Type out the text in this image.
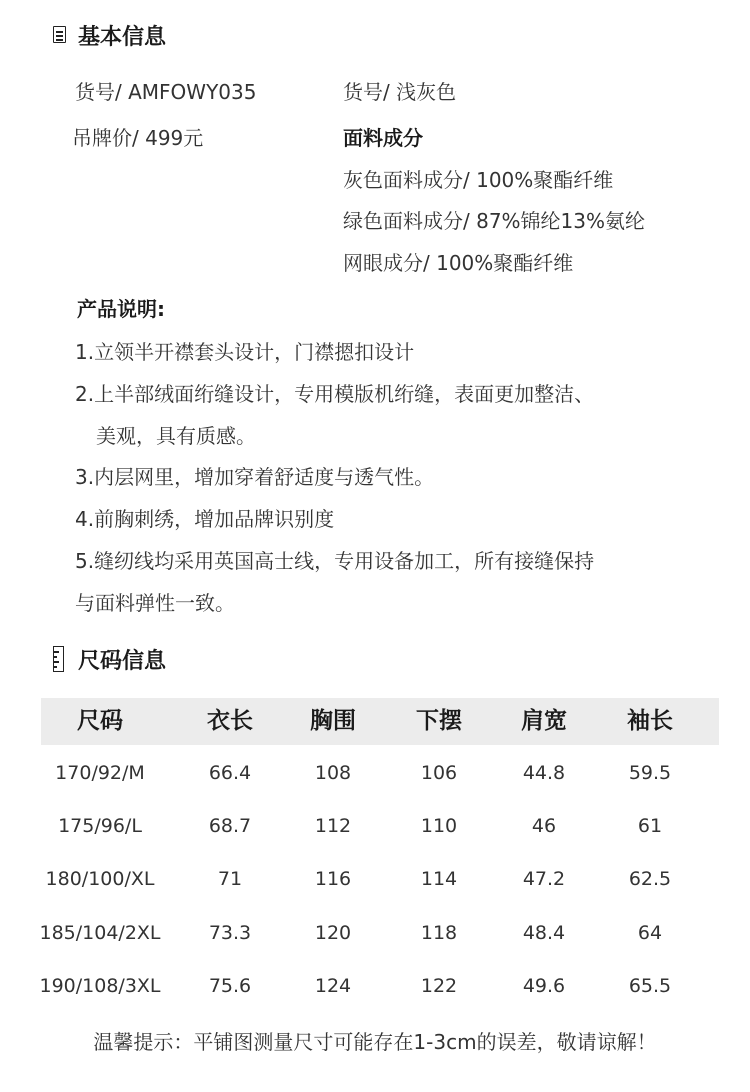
基本信息
货号/ AMFOWY035	货号/ 浅灰色
吊牌价/ 499元	面料成分
灰色面料成分/ 100%聚酯纤维
绿色面料成分/ 87%锦纶13%氨纶
网眼成分/ 100%聚酯纤维
产品说明:
1.立领半开襟套头设计，门襟摁扣设计
2.上半部绒面绗缝设计，专用模版机绗缝，表面更加整洁、
美观，具有质感。
3.内层网里，增加穿着舒适度与透气性。
4.前胸刺绣，增加品牌识别度
5.缝纫线均采用英国高士线，专用设备加工，所有接缝保持
与面料弹性一致。
尺码信息
尺码	衣长 胸围	下摆	肩宽	袖长
170/92/M	66.4	108	106	44.8	59.5
175/96/L	68.7	112	110	46	61
180/100/XL	71	116	114	47.2	62.5
185/104/2XL	73.3	120	118	48.4	64
190/108/3XL	75.6	124	122	49.6	65.5
温馨提示：平铺图测量尺寸可能存在1-3cm的误差，敬请谅解！
